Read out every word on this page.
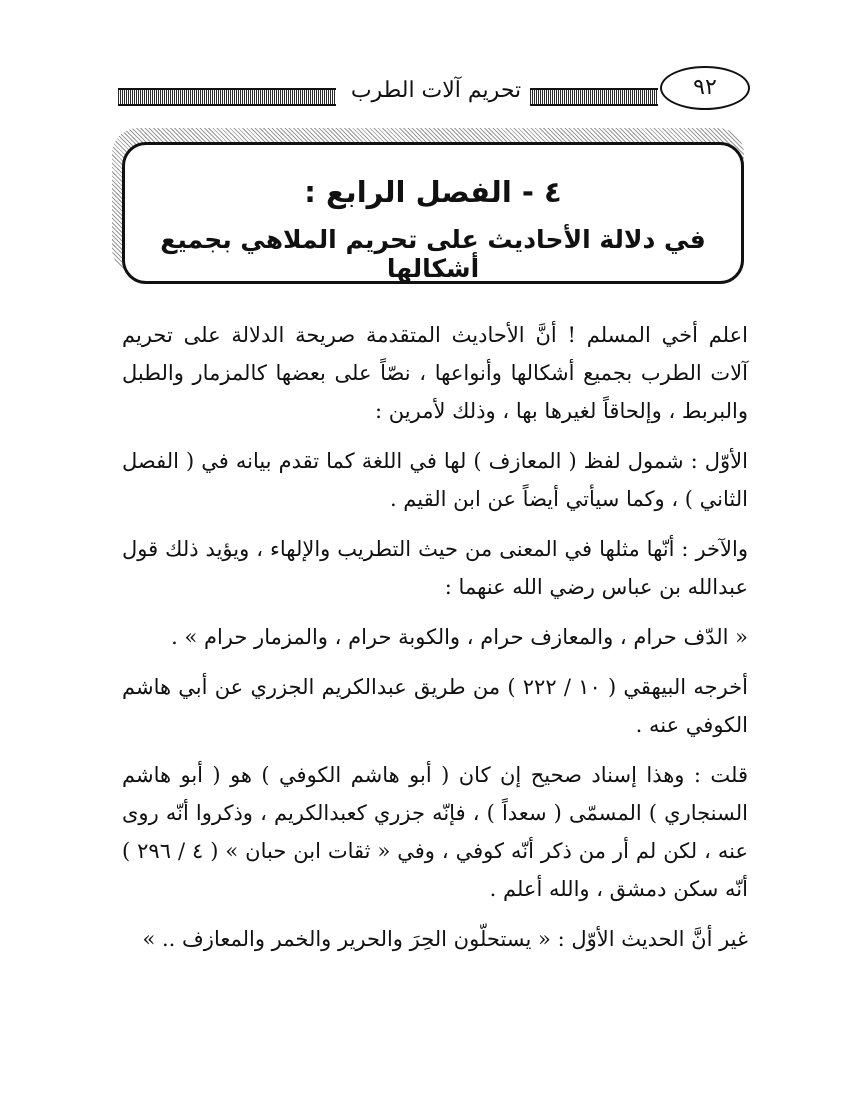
تحريم آلات الطرب	٩٢
٤ - الفصل الرابع :
في دلالة الأحاديث على تحريم الملاهي بجميع أشكالها

اعلم أخي المسلم ! أنَّ الأحاديث المتقدمة صريحة الدلالة على تحريم آلات الطرب بجميع أشكالها وأنواعها ، نصّاً على بعضها كالمزمار والطبل والبربط ، وإلحاقاً لغيرها بها ، وذلك لأمرين :

الأوّل : شمول لفظ ( المعازف ) لها في اللغة كما تقدم بيانه في ( الفصل الثاني ) ، وكما سيأتي أيضاً عن ابن القيم .

والآخر : أنّها مثلها في المعنى من حيث التطريب والإلهاء ، ويؤيد ذلك قول عبدالله بن عباس رضي الله عنهما :

« الدّف حرام ، والمعازف حرام ، والكوبة حرام ، والمزمار حرام » .

أخرجه البيهقي ( ١٠ / ٢٢٢ ) من طريق عبدالكريم الجزري عن أبي هاشم الكوفي عنه .

قلت : وهذا إسناد صحيح إن كان ( أبو هاشم الكوفي ) هو ( أبو هاشم السنجاري ) المسمّى ( سعداً ) ، فإنّه جزري كعبدالكريم ، وذكروا أنّه روى عنه ، لكن لم أر من ذكر أنّه كوفي ، وفي « ثقات ابن حبان » ( ٤ / ٢٩٦ ) أنّه سكن دمشق ، والله أعلم .

غير أنَّ الحديث الأوّل : « يستحلّون الحِرَ والحرير والخمر والمعازف .. »
